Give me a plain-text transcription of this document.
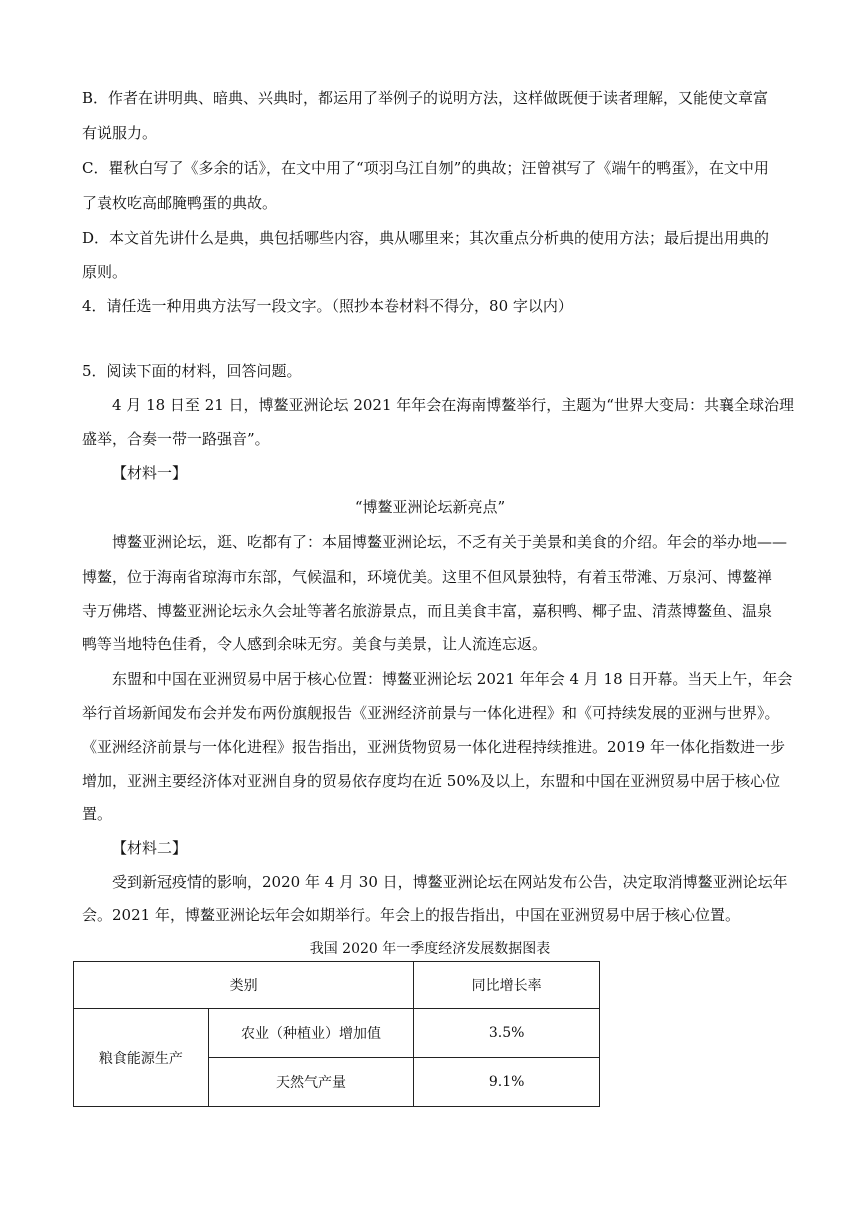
B．作者在讲明典、暗典、兴典时，都运用了举例子的说明方法，这样做既便于读者理解，又能使文章富
有说服力。
C．瞿秋白写了《多余的话》，在文中用了“项羽乌江自刎”的典故；汪曾祺写了《端午的鸭蛋》，在文中用
了袁枚吃高邮腌鸭蛋的典故。
D．本文首先讲什么是典，典包括哪些内容，典从哪里来；其次重点分析典的使用方法；最后提出用典的
原则。
4．请任选一种用典方法写一段文字。（照抄本卷材料不得分，80 字以内）
5．阅读下面的材料，回答问题。
4 月 18 日至 21 日，博鳌亚洲论坛 2021 年年会在海南博鳌举行，主题为“世界大变局：共襄全球治理
盛举，合奏一带一路强音”。
【材料一】
“博鳌亚洲论坛新亮点”
博鳌亚洲论坛，逛、吃都有了：本届博鳌亚洲论坛，不乏有关于美景和美食的介绍。年会的举办地——
博鳌，位于海南省琼海市东部，气候温和，环境优美。这里不但风景独特，有着玉带滩、万泉河、博鳌禅
寺万佛塔、博鳌亚洲论坛永久会址等著名旅游景点，而且美食丰富，嘉积鸭、椰子盅、清蒸博鳌鱼、温泉
鸭等当地特色佳肴，令人感到余味无穷。美食与美景，让人流连忘返。
东盟和中国在亚洲贸易中居于核心位置：博鳌亚洲论坛 2021 年年会 4 月 18 日开幕。当天上午，年会
举行首场新闻发布会并发布两份旗舰报告《亚洲经济前景与一体化进程》和《可持续发展的亚洲与世界》。
《亚洲经济前景与一体化进程》报告指出，亚洲货物贸易一体化进程持续推进。2019 年一体化指数进一步
增加，亚洲主要经济体对亚洲自身的贸易依存度均在近 50%及以上，东盟和中国在亚洲贸易中居于核心位
置。
【材料二】
受到新冠疫情的影响，2020 年 4 月 30 日，博鳌亚洲论坛在网站发布公告，决定取消博鳌亚洲论坛年
会。2021 年，博鳌亚洲论坛年会如期举行。年会上的报告指出，中国在亚洲贸易中居于核心位置。
我国 2020 年一季度经济发展数据图表
类别		同比增长率
粮食能源生产	农业（种植业）增加值	3.5%
	天然气产量	9.1%
